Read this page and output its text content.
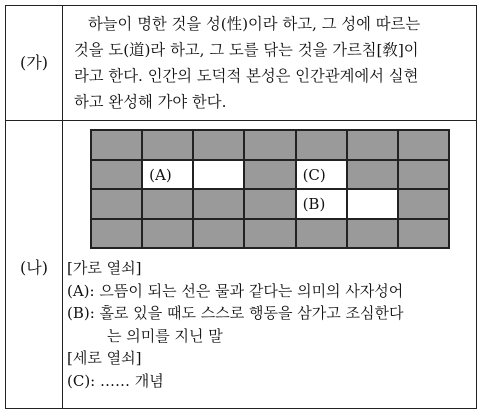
(가)
(나)
하늘이 명한 것을 성(性)이라 하고, 그 성에 따르는
것을 도(道)라 하고, 그 도를 닦는 것을 가르침[敎]이
라고 한다. 인간의 도덕적 본성은 인간관계에서 실현
하고 완성해 가야 한다.
(A)	(C)
(B)
[가로 열쇠]
(A): 으뜸이 되는 선은 물과 같다는 의미의 사자성어
(B): 홀로 있을 때도 스스로 행동을 삼가고 조심한다
는 의미를 지닌 말
[세로 열쇠]
(C): …… 개념
